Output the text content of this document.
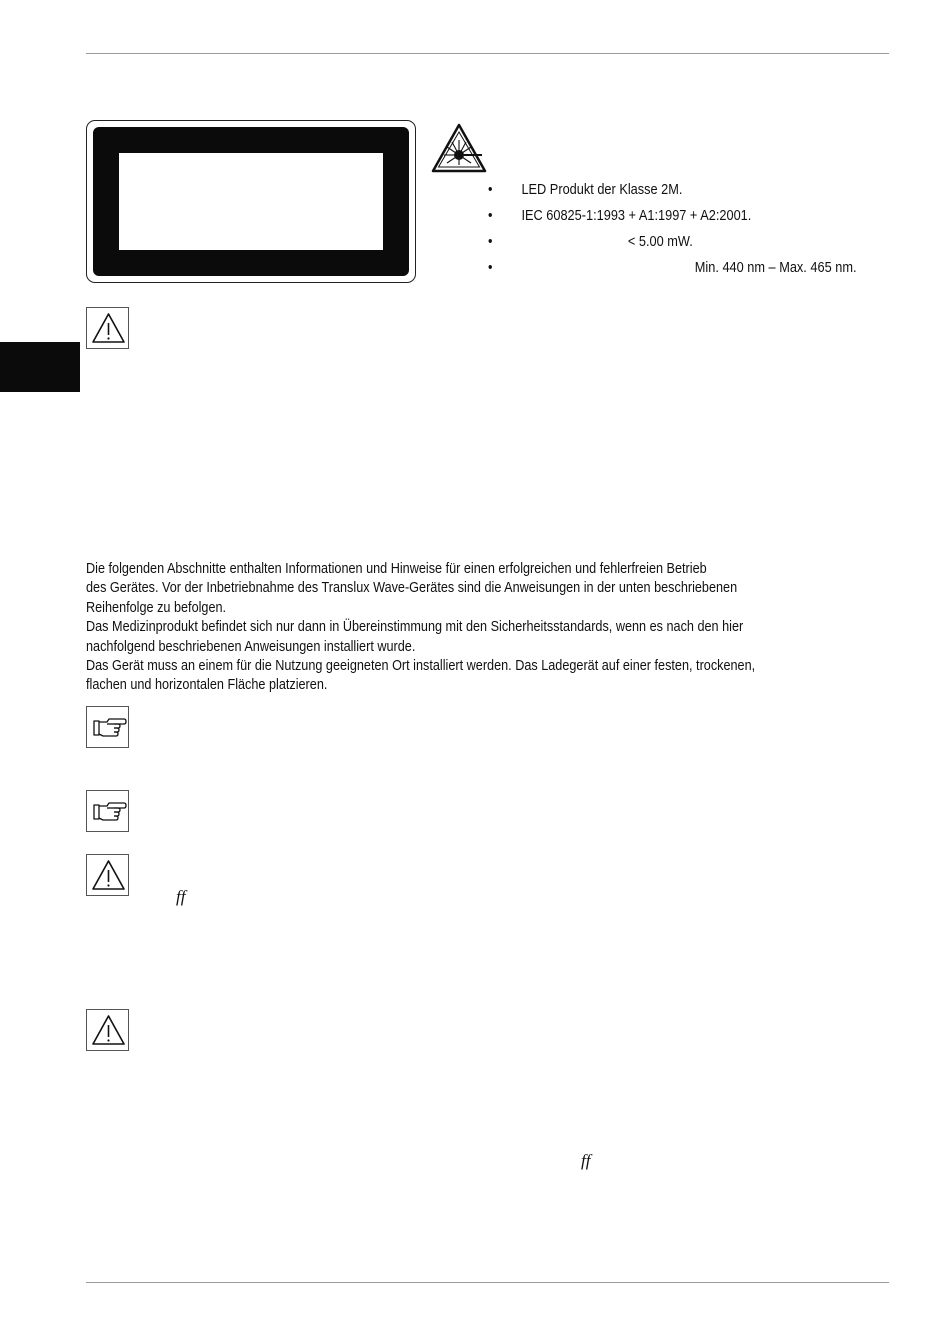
• LED Produkt der Klasse 2M.
• IEC 60825-1:1993 + A1:1997 + A2:2001.
•	< 5.00 mW.
•	Min. 440 nm – Max. 465 nm.
Die folgenden Abschnitte enthalten Informationen und Hinweise für einen erfolgreichen und fehlerfreien Betrieb
des Gerätes. Vor der Inbetriebnahme des Translux Wave-Gerätes sind die Anweisungen in der unten beschriebenen
Reihenfolge zu befolgen.
Das Medizinprodukt befindet sich nur dann in Übereinstimmung mit den Sicherheitsstandards, wenn es nach den hier
nachfolgend beschriebenen Anweisungen installiert wurde.
Das Gerät muss an einem für die Nutzung geeigneten Ort installiert werden. Das Ladegerät auf einer festen, trockenen,
flachen und horizontalen Fläche platzieren.
ff
ff
